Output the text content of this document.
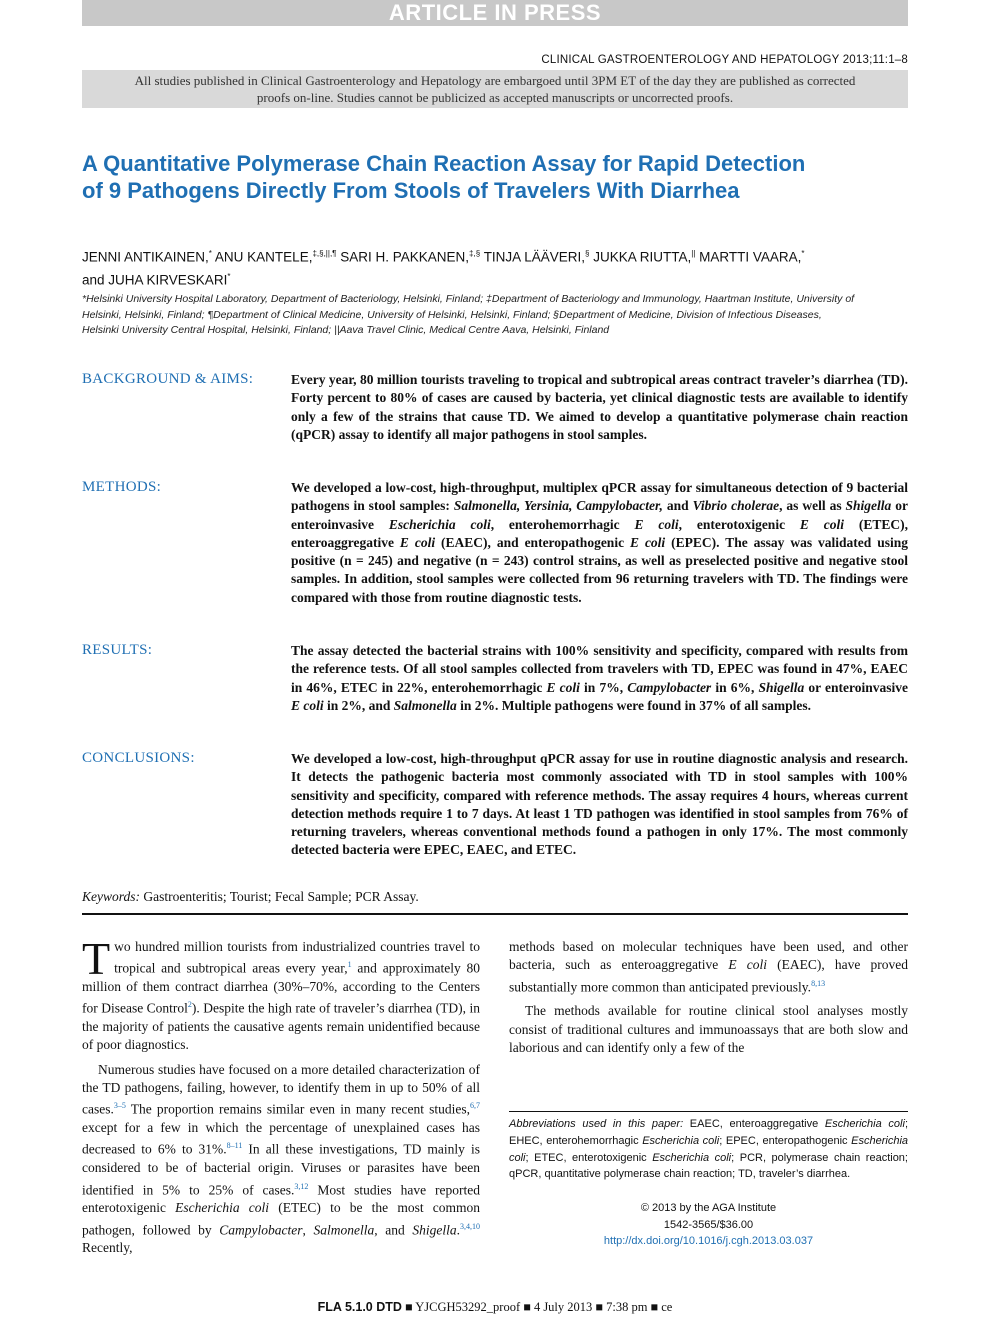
ARTICLE IN PRESS
CLINICAL GASTROENTEROLOGY AND HEPATOLOGY 2013;11:1–8
All studies published in Clinical Gastroenterology and Hepatology are embargoed until 3PM ET of the day they are published as corrected
proofs on-line. Studies cannot be publicized as accepted manuscripts or uncorrected proofs.
A Quantitative Polymerase Chain Reaction Assay for Rapid Detection
of 9 Pathogens Directly From Stools of Travelers With Diarrhea
JENNI ANTIKAINEN,* ANU KANTELE,‡,§,||,¶ SARI H. PAKKANEN,‡,§ TINJA LÄÄVERI,§ JUKKA RIUTTA,|| MARTTI VAARA,*
and JUHA KIRVESKARI*
*Helsinki University Hospital Laboratory, Department of Bacteriology, Helsinki, Finland; ‡Department of Bacteriology and Immunology, Haartman Institute, University of
Helsinki, Helsinki, Finland; ¶Department of Clinical Medicine, University of Helsinki, Helsinki, Finland; §Department of Medicine, Division of Infectious Diseases,
Helsinki University Central Hospital, Helsinki, Finland; ||Aava Travel Clinic, Medical Centre Aava, Helsinki, Finland
BACKGROUND & AIMS:	Every year, 80 million tourists traveling to tropical and subtropical areas contract traveler’s diarrhea (TD). Forty percent to 80% of cases are caused by bacteria, yet clinical diagnostic tests are available to identify only a few of the strains that cause TD. We aimed to develop a quantitative polymerase chain reaction (qPCR) assay to identify all major pathogens in stool samples.
METHODS:	We developed a low-cost, high-throughput, multiplex qPCR assay for simultaneous detection of 9 bacterial pathogens in stool samples: Salmonella, Yersinia, Campylobacter, and Vibrio cholerae, as well as Shigella or enteroinvasive Escherichia coli, enterohemorrhagic E coli, enterotoxigenic E coli (ETEC), enteroaggregative E coli (EAEC), and enteropathogenic E coli (EPEC). The assay was validated using positive (n = 245) and negative (n = 243) control strains, as well as preselected positive and negative stool samples. In addition, stool samples were collected from 96 returning travelers with TD. The findings were compared with those from routine diagnostic tests.
RESULTS:	The assay detected the bacterial strains with 100% sensitivity and specificity, compared with results from the reference tests. Of all stool samples collected from travelers with TD, EPEC was found in 47%, EAEC in 46%, ETEC in 22%, enterohemorrhagic E coli in 7%, Campylobacter in 6%, Shigella or enteroinvasive E coli in 2%, and Salmonella in 2%. Multiple pathogens were found in 37% of all samples.
CONCLUSIONS:	We developed a low-cost, high-throughput qPCR assay for use in routine diagnostic analysis and research. It detects the pathogenic bacteria most commonly associated with TD in stool samples with 100% sensitivity and specificity, compared with reference methods. The assay requires 4 hours, whereas current detection methods require 1 to 7 days. At least 1 TD pathogen was identified in stool samples from 76% of returning travelers, whereas conventional methods found a pathogen in only 17%. The most commonly detected bacteria were EPEC, EAEC, and ETEC.
Keywords: Gastroenteritis; Tourist; Fecal Sample; PCR Assay.

Two hundred million tourists from industrialized countries travel to tropical and subtropical areas every year,$^1$ and approximately 80 million of them contract diarrhea (30%–70%, according to the Centers for Disease Control$^2$). Despite the high rate of traveler’s diarrhea (TD), in the majority of patients the causative agents remain unidentified because of poor diagnostics.

Numerous studies have focused on a more detailed characterization of the TD pathogens, failing, however, to identify them in up to 50% of all cases.$^{3-5}$ The proportion remains similar even in many recent studies,$^{6,7}$ except for a few in which the percentage of unexplained cases has decreased to 6% to 31%.$^{8-11}$ In all these investigations, TD mainly is considered to be of bacterial origin. Viruses or parasites have been identified in 5% to 25% of cases.$^{3,12}$ Most studies have reported enterotoxigenic Escherichia coli (ETEC) to be the most common pathogen, followed by Campylobacter, Salmonella, and Shigella.$^{3,4,10}$ Recently,

methods based on molecular techniques have been used, and other bacteria, such as enteroaggregative E coli (EAEC), have proved substantially more common than anticipated previously.$^{8,13}$

The methods available for routine clinical stool analyses mostly consist of traditional cultures and immunoassays that are both slow and laborious and can identify only a few of the

Abbreviations used in this paper: EAEC, enteroaggregative Escherichia coli; EHEC, enterohemorrhagic Escherichia coli; EPEC, enteropathogenic Escherichia coli; ETEC, enterotoxigenic Escherichia coli; PCR, polymerase chain reaction; qPCR, quantitative polymerase chain reaction; TD, traveler’s diarrhea.
© 2013 by the AGA Institute
1542-3565/$36.00
http://dx.doi.org/10.1016/j.cgh.2013.03.037
FLA 5.1.0 DTD ■ YJCGH53292_proof ■ 4 July 2013 ■ 7:38 pm ■ ce
